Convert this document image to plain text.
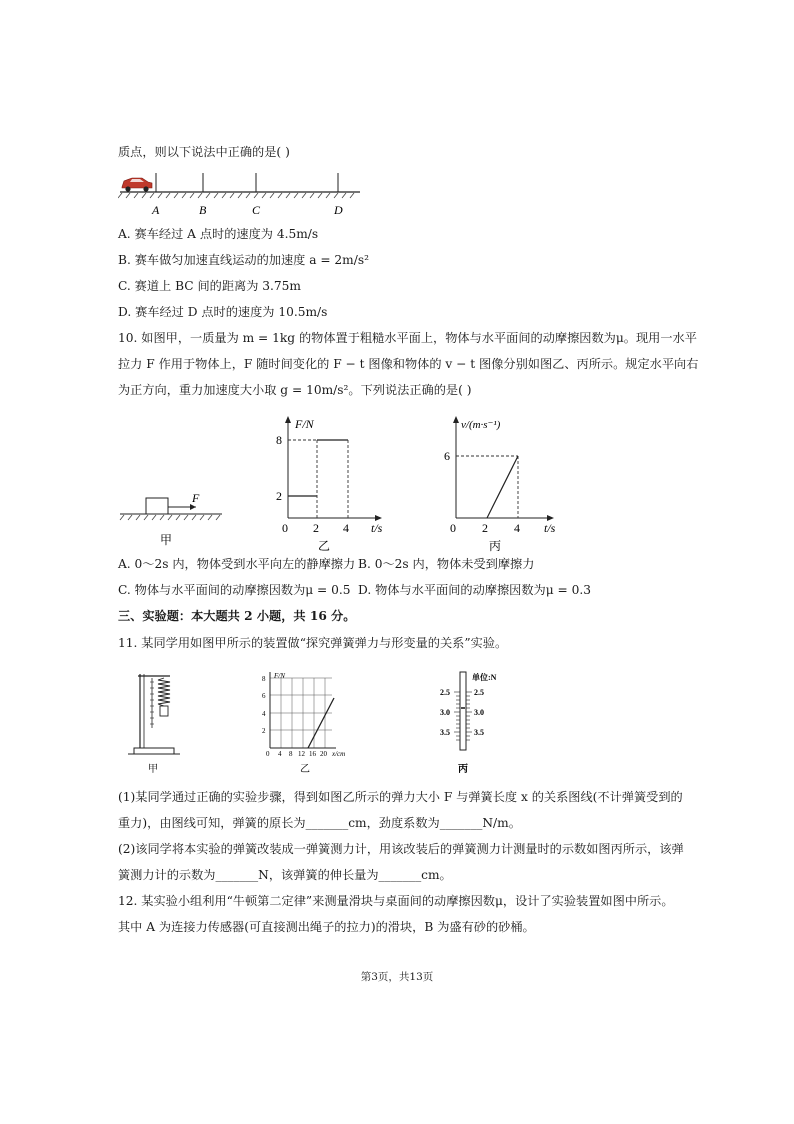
质点，则以下说法中正确的是( )
A	B	C	D
A. 赛车经过 A 点时的速度为 4.5m/s
B. 赛车做匀加速直线运动的加速度 a = 2m/s²
C. 赛道上 BC 间的距离为 3.75m
D. 赛车经过 D 点时的速度为 10.5m/s
10. 如图甲，一质量为 m = 1kg 的物体置于粗糙水平面上，物体与水平面间的动摩擦因数为μ。现用一水平
拉力 F 作用于物体上，F 随时间变化的 F − t 图像和物体的 v − t 图像分别如图乙、丙所示。规定水平向右
为正方向，重力加速度大小取 g = 10m/s²。下列说法正确的是( )
F
甲
F/N
8
2
0 2 4 t/s
乙
v/(m·s⁻¹)
6
0 2 4 t/s
丙
A. 0～2s 内，物体受到水平向左的静摩擦力 B. 0～2s 内，物体未受到摩擦力
C. 物体与水平面间的动摩擦因数为μ = 0.5 D. 物体与水平面间的动摩擦因数为μ = 0.3
三、实验题：本大题共 2 小题，共 16 分。
11. 某同学用如图甲所示的装置做“探究弹簧弹力与形变量的关系”实验。
甲
F/N
8
6
4
2
0 4 8 12 16 20 x/cm
乙
单位:N
2.5
3.0
3.5
2.5
3.0
3.5
丙
(1)某同学通过正确的实验步骤，得到如图乙所示的弹力大小 F 与弹簧长度 x 的关系图线(不计弹簧受到的
重力)，由图线可知，弹簧的原长为_______cm，劲度系数为_______N/m。
(2)该同学将本实验的弹簧改装成一弹簧测力计，用该改装后的弹簧测力计测量时的示数如图丙所示，该弹
簧测力计的示数为_______N，该弹簧的伸长量为_______cm。
12. 某实验小组利用“牛顿第二定律”来测量滑块与桌面间的动摩擦因数μ，设计了实验装置如图中所示。
其中 A 为连接力传感器(可直接测出绳子的拉力)的滑块，B 为盛有砂的砂桶。
第3页，共13页
